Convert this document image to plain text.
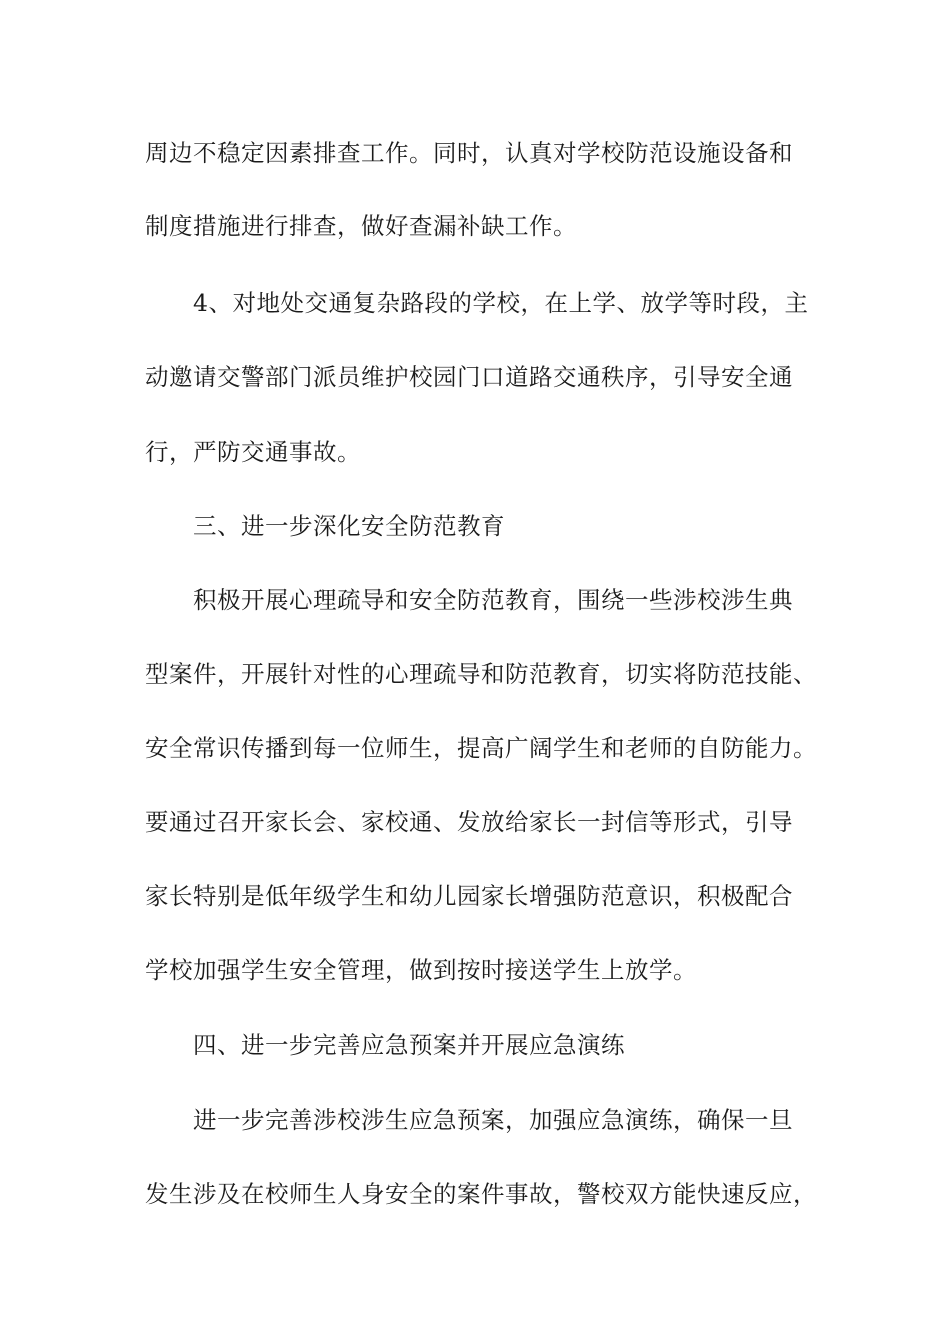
周边不稳定因素排查工作。同时，认真对学校防范设施设备和
制度措施进行排查，做好查漏补缺工作。
4、对地处交通复杂路段的学校，在上学、放学等时段，主
动邀请交警部门派员维护校园门口道路交通秩序，引导安全通
行，严防交通事故。
三、进一步深化安全防范教育
积极开展心理疏导和安全防范教育，围绕一些涉校涉生典
型案件，开展针对性的心理疏导和防范教育，切实将防范技能、
安全常识传播到每一位师生，提高广阔学生和老师的自防能力。
要通过召开家长会、家校通、发放给家长一封信等形式，引导
家长特别是低年级学生和幼儿园家长增强防范意识，积极配合
学校加强学生安全管理，做到按时接送学生上放学。
四、进一步完善应急预案并开展应急演练
进一步完善涉校涉生应急预案，加强应急演练，确保一旦
发生涉及在校师生人身安全的案件事故，警校双方能快速反应，
